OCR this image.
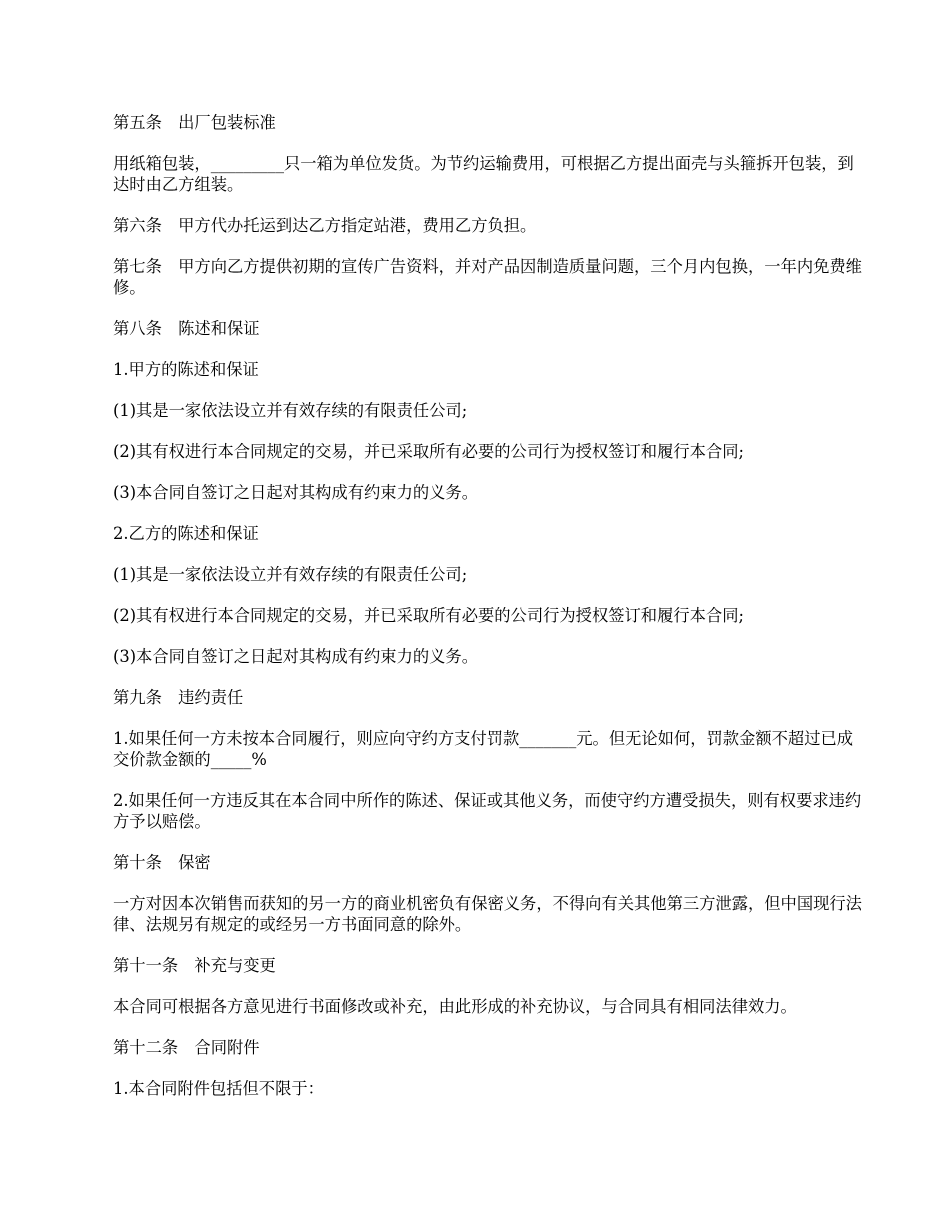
第五条　出厂包装标准

用纸箱包装，_________只一箱为单位发货。为节约运输费用，可根据乙方提出面壳与头箍拆开包装，到达时由乙方组装。

第六条　甲方代办托运到达乙方指定站港，费用乙方负担。

第七条　甲方向乙方提供初期的宣传广告资料，并对产品因制造质量问题，三个月内包换，一年内免费维修。

第八条　陈述和保证

1.甲方的陈述和保证

(1)其是一家依法设立并有效存续的有限责任公司;

(2)其有权进行本合同规定的交易，并已采取所有必要的公司行为授权签订和履行本合同;

(3)本合同自签订之日起对其构成有约束力的义务。

2.乙方的陈述和保证

(1)其是一家依法设立并有效存续的有限责任公司;

(2)其有权进行本合同规定的交易，并已采取所有必要的公司行为授权签订和履行本合同;

(3)本合同自签订之日起对其构成有约束力的义务。

第九条　违约责任

1.如果任何一方未按本合同履行，则应向守约方支付罚款_______元。但无论如何，罚款金额不超过已成交价款金额的_____%

2.如果任何一方违反其在本合同中所作的陈述、保证或其他义务，而使守约方遭受损失，则有权要求违约方予以赔偿。

第十条　保密

一方对因本次销售而获知的另一方的商业机密负有保密义务，不得向有关其他第三方泄露，但中国现行法律、法规另有规定的或经另一方书面同意的除外。

第十一条　补充与变更

本合同可根据各方意见进行书面修改或补充，由此形成的补充协议，与合同具有相同法律效力。

第十二条　合同附件

1.本合同附件包括但不限于：
